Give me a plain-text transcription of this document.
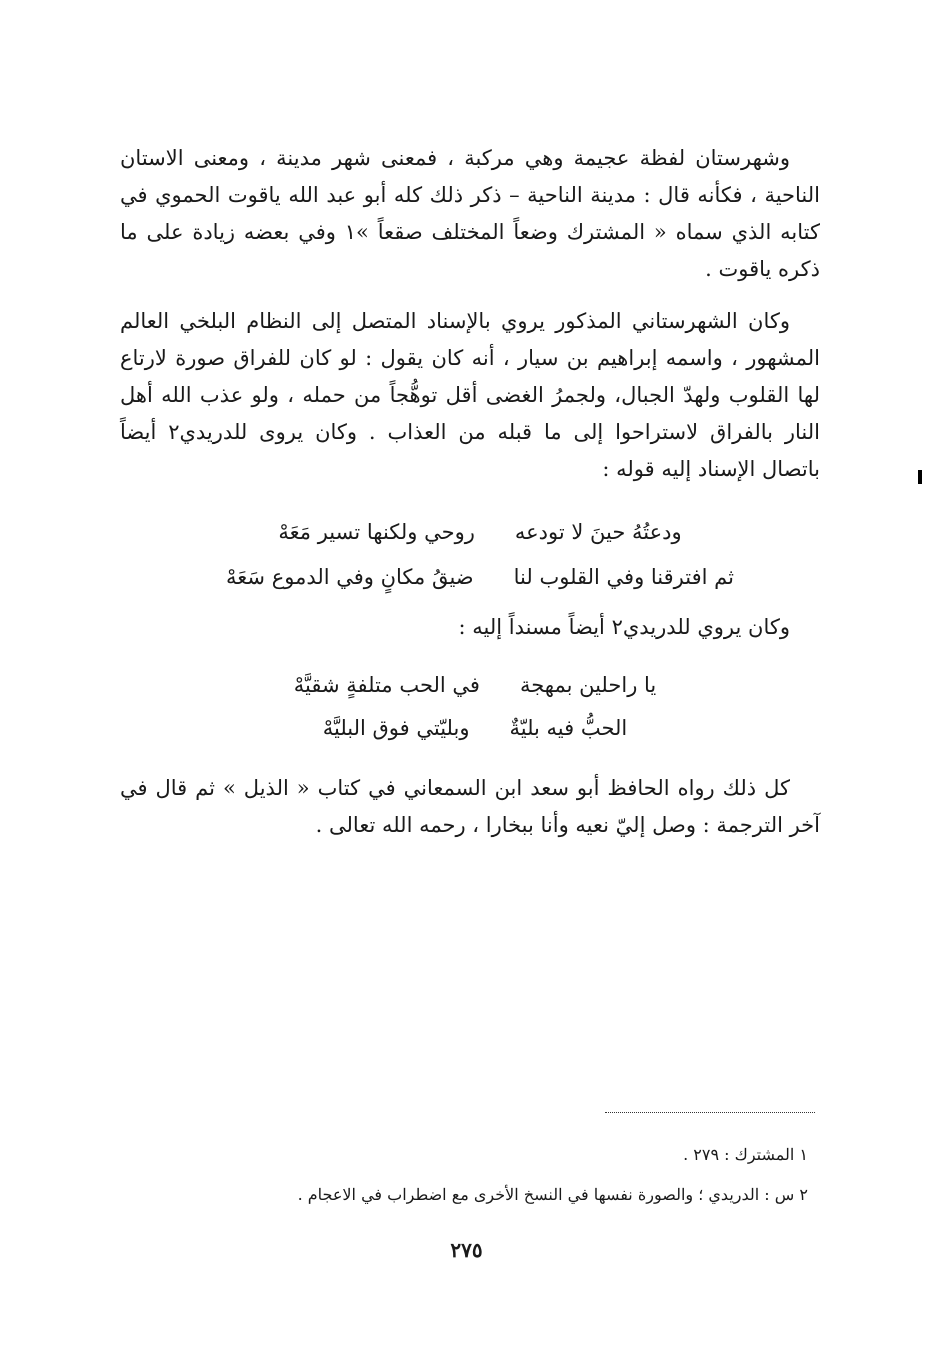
وشهرستان لفظة عجيمة وهي مركبة ، فمعنى شهر مدينة ، ومعنى الاستان الناحية ، فكأنه قال : مدينة الناحية – ذكر ذلك كله أبو عبد الله ياقوت الحموي في كتابه الذي سماه « المشترك وضعاً المختلف صقعاً »١ وفي بعضه زيادة على ما ذكره ياقوت .

وكان الشهرستاني المذكور يروي بالإسناد المتصل إلى النظام البلخي العالم المشهور ، واسمه إبراهيم بن سيار ، أنه كان يقول : لو كان للفراق صورة لارتاع لها القلوب ولهدّ الجبال، ولجمرُ الغضى أقل توهُّجاً من حمله ، ولو عذب الله أهل النار بالفراق لاستراحوا إلى ما قبله من العذاب . وكان يروى للدريدي٢ أيضاً باتصال الإسناد إليه قوله :

ودعتُهُ حينَ لا تودعه
روحي ولكنها تسير مَعَهْ
ثم افترقنا وفي القلوب لنا
ضيقُ مكانٍ وفي الدموع سَعَهْ
وكان يروي للدريدي٢ أيضاً مسنداً إليه :
يا راحلين بمهجة
في الحب متلفةٍ شقيَّهْ
الحبُّ فيه بليّةٌ
وبليّتي فوق البليَّهْ

كل ذلك رواه الحافظ أبو سعد ابن السمعاني في كتاب « الذيل » ثم قال في آخر الترجمة : وصل إليّ نعيه وأنا ببخارا ، رحمه الله تعالى .

١ المشترك : ٢٧٩ .
٢ س : الدريدي ؛ والصورة نفسها في النسخ الأخرى مع اضطراب في الاعجام .
٢٧٥
